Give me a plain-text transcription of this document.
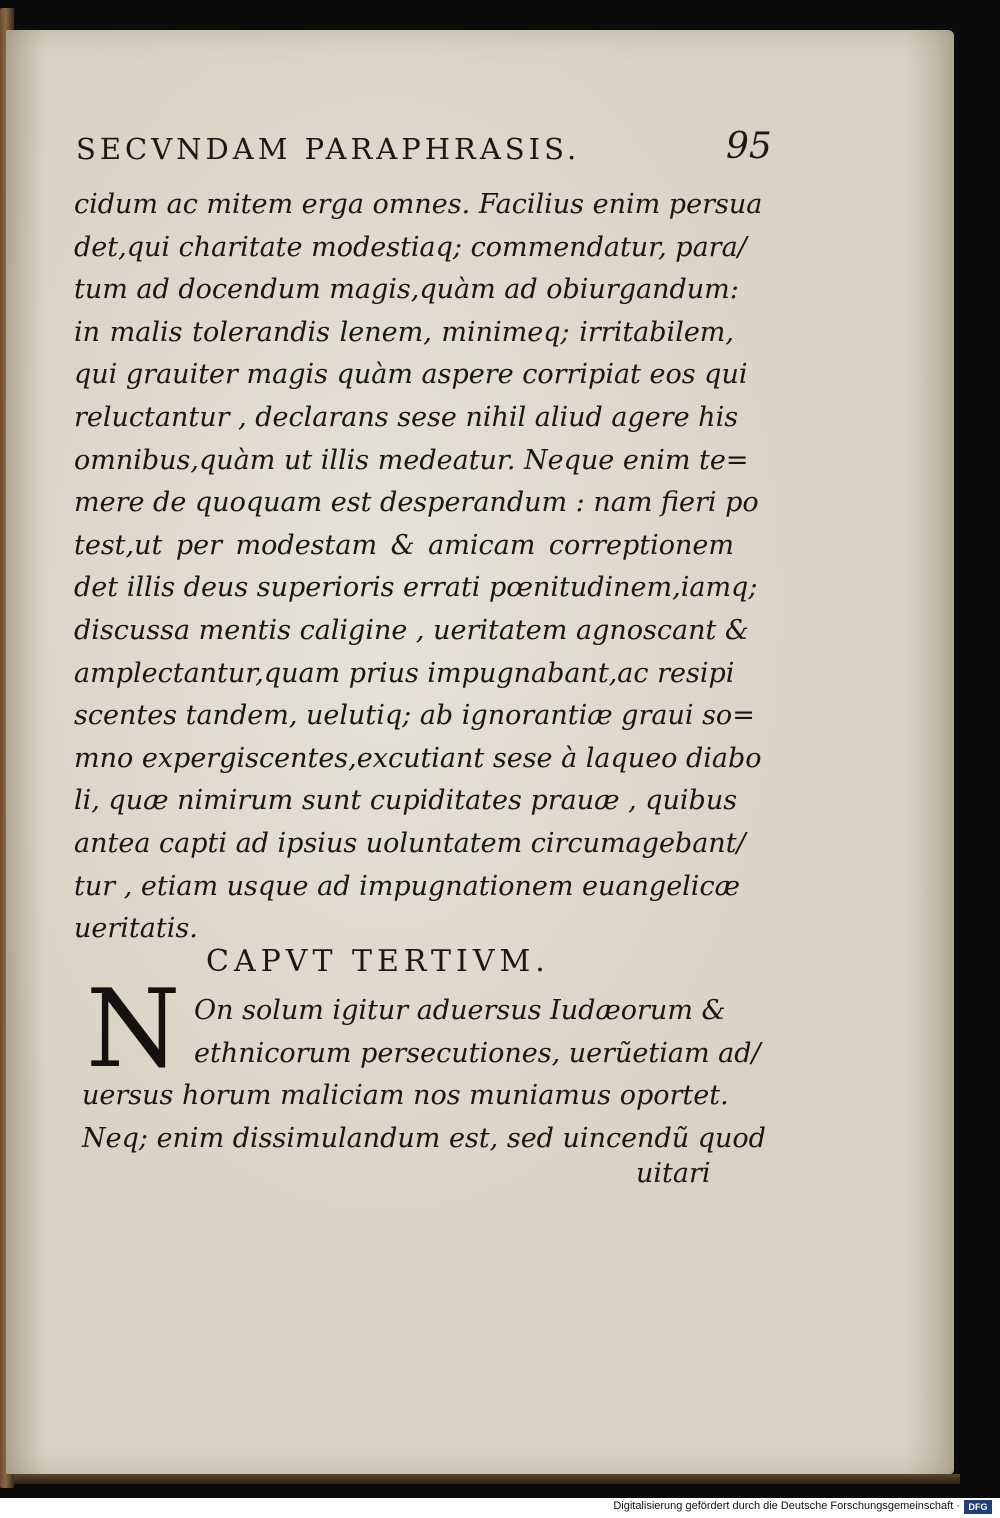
SECVNDAM PARAPHRASIS.	95
cidum ac mitem erga omnes. Facilius enim persua
det,qui charitate modestiaq; commendatur, para/
tum ad docendum magis,quàm ad obiurgandum:
in malis tolerandis lenem, minimeq; irritabilem,
qui grauiter magis quàm aspere corripiat eos qui
reluctantur , declarans sese nihil aliud agere his
omnibus,quàm ut illis medeatur. Neque enim te=
mere de quoquam est desperandum : nam fieri po
test,ut per modestam & amicam correptionem
det illis deus superioris errati pœnitudinem,iamq;
discussa mentis caligine , ueritatem agnoscant &
amplectantur,quam prius impugnabant,ac resipi
scentes tandem, uelutiq; ab ignorantiæ graui so=
mno expergiscentes,excutiant sese à laqueo diabo
li, quæ nimirum sunt cupiditates prauæ , quibus
antea capti ad ipsius uoluntatem circumagebant/
tur , etiam usque ad impugnationem euangelicæ
ueritatis.
CAPVT TERTIVM.
N On solum igitur aduersus Iudæorum &
ethnicorum persecutiones, uerũetiam ad/
uersus horum maliciam nos muniamus oportet.
Neq; enim dissimulandum est, sed uincendũ quod
uitari
Digitalisierung gefördert durch die Deutsche Forschungsgemeinschaft · DFG
